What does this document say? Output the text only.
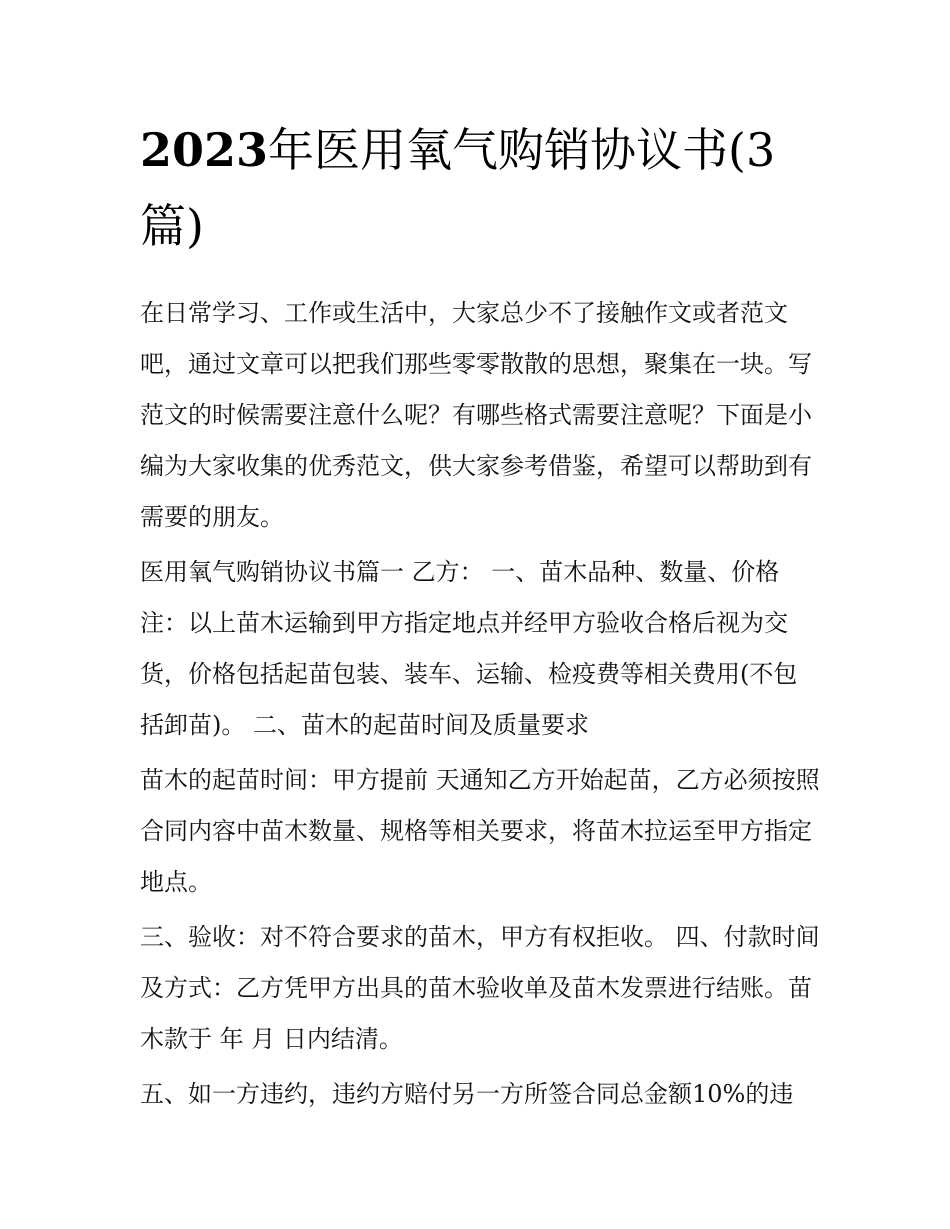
2023年医用氧气购销协议书(3篇)

在日常学习、工作或生活中，大家总少不了接触作文或者范文吧，通过文章可以把我们那些零零散散的思想，聚集在一块。写范文的时候需要注意什么呢？有哪些格式需要注意呢？下面是小编为大家收集的优秀范文，供大家参考借鉴，希望可以帮助到有需要的朋友。

医用氧气购销协议书篇一 乙方： 一、苗木品种、数量、价格注：以上苗木运输到甲方指定地点并经甲方验收合格后视为交货，价格包括起苗包装、装车、运输、检疫费等相关费用(不包括卸苗)。 二、苗木的起苗时间及质量要求

苗木的起苗时间：甲方提前 天通知乙方开始起苗，乙方必须按照合同内容中苗木数量、规格等相关要求，将苗木拉运至甲方指定地点。

三、验收：对不符合要求的苗木，甲方有权拒收。 四、付款时间及方式：乙方凭甲方出具的苗木验收单及苗木发票进行结账。苗木款于 年 月 日内结清。

五、如一方违约，违约方赔付另一方所签合同总金额10%的违
